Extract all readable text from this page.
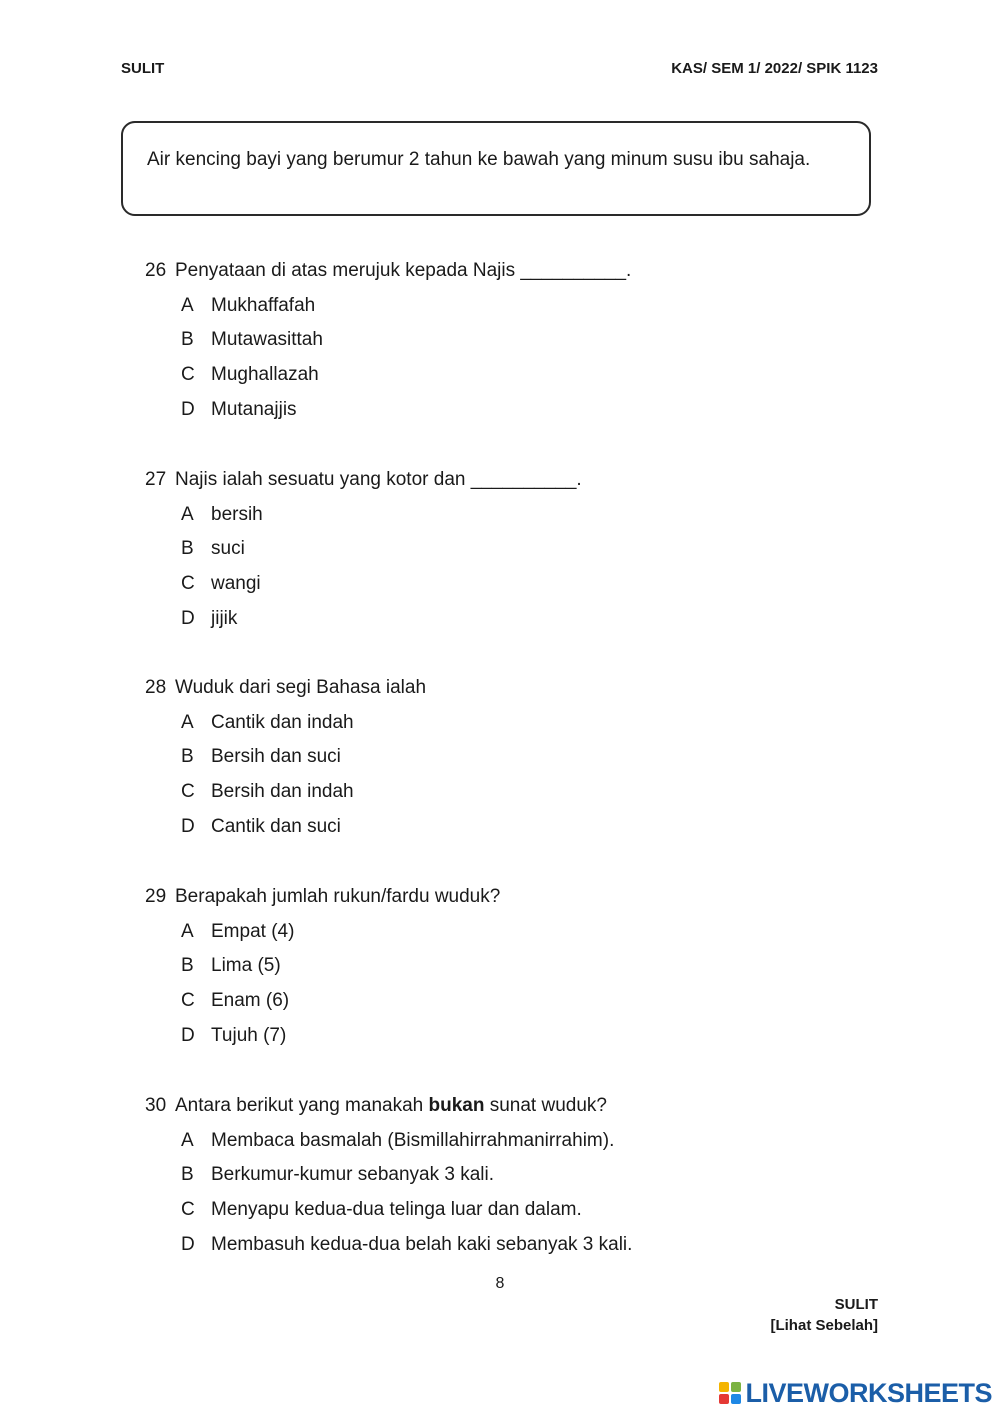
SULIT	KAS/ SEM 1/ 2022/ SPIK 1123
Air kencing bayi yang berumur 2 tahun ke bawah yang minum susu ibu sahaja.
26 Penyataan di atas merujuk kepada Najis __________.
A Mukhaffafah
B Mutawasittah
C Mughallazah
D Mutanajjis
27 Najis ialah sesuatu yang kotor dan __________.
A bersih
B suci
C wangi
D jijik
28 Wuduk dari segi Bahasa ialah
A Cantik dan indah
B Bersih dan suci
C Bersih dan indah
D Cantik dan suci
29 Berapakah jumlah rukun/fardu wuduk?
A Empat (4)
B Lima (5)
C Enam (6)
D Tujuh (7)
30 Antara berikut yang manakah bukan sunat wuduk?
A Membaca basmalah (Bismillahirrahmanirrahim).
B Berkumur-kumur sebanyak 3 kali.
C Menyapu kedua-dua telinga luar dan dalam.
D Membasuh kedua-dua belah kaki sebanyak 3 kali.
8
SULIT
[Lihat Sebelah]
LIVEWORKSHEETS
